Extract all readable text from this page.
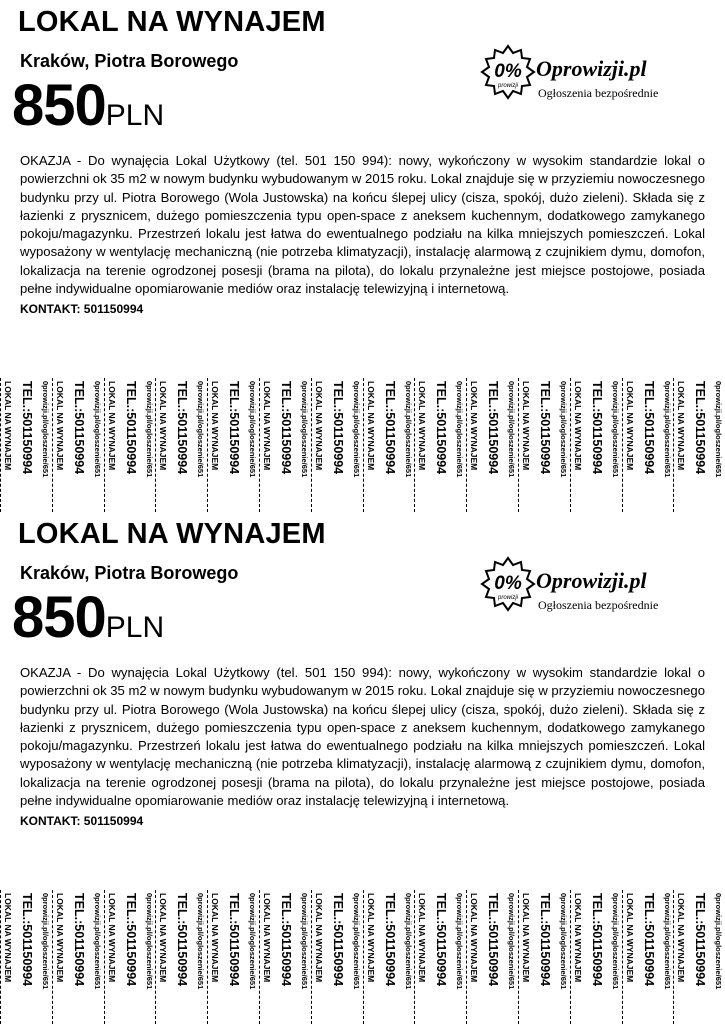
LOKAL NA WYNAJEM
Kraków, Piotra Borowego
850PLN
0%
prowizji
Oprowizji.pl
Ogłoszenia bezpośrednie

OKAZJA - Do wynajęcia Lokal Użytkowy (tel. 501 150 994): nowy, wykończony w wysokim standardzie lokal o powierzchni ok 35 m2 w nowym budynku wybudowanym w 2015 roku. Lokal znajduje się w przyziemiu nowoczesnego budynku przy ul. Piotra Borowego (Wola Justowska) na końcu ślepej ulicy (cisza, spokój, dużo zieleni). Składa się z łazienki z prysznicem, dużego pomieszczenia typu open-space z aneksem kuchennym, dodatkowego zamykanego pokoju/magazynku. Przestrzeń lokalu jest łatwa do ewentualnego podziału na kilka mniejszych pomieszczeń. Lokal wyposażony w wentylację mechaniczną (nie potrzeba klimatyzacji), instalację alarmową z czujnikiem dymu, domofon, lokalizacja na terenie ogrodzonej posesji (brama na pilota), do lokalu przynależne jest miejsce postojowe, posiada pełne indywidualne opomiarowanie mediów oraz instalację telewizyjną i internetową.

KONTAKT: 501150994
LOKAL NA WYNAJEM TEL.:501150994 0prowizji.pl/ogloszenie/651 LOKAL NA WYNAJEM TEL.:501150994 0prowizji.pl/ogloszenie/651 LOKAL NA WYNAJEM TEL.:501150994 0prowizji.pl/ogloszenie/651 LOKAL NA WYNAJEM TEL.:501150994 0prowizji.pl/ogloszenie/651 LOKAL NA WYNAJEM TEL.:501150994 0prowizji.pl/ogloszenie/651 LOKAL NA WYNAJEM TEL.:501150994 0prowizji.pl/ogloszenie/651 LOKAL NA WYNAJEM TEL.:501150994 0prowizji.pl/ogloszenie/651 LOKAL NA WYNAJEM TEL.:501150994 0prowizji.pl/ogloszenie/651 LOKAL NA WYNAJEM TEL.:501150994 0prowizji.pl/ogloszenie/651 LOKAL NA WYNAJEM TEL.:501150994 0prowizji.pl/ogloszenie/651 LOKAL NA WYNAJEM TEL.:501150994 0prowizji.pl/ogloszenie/651 LOKAL NA WYNAJEM TEL.:501150994 0prowizji.pl/ogloszenie/651 LOKAL NA WYNAJEM TEL.:501150994 0prowizji.pl/ogloszenie/651 LOKAL NA WYNAJEM TEL.:501150994 0prowizji.pl/ogloszenie/651
LOKAL NA WYNAJEM
Kraków, Piotra Borowego
850PLN
0%
prowizji
Oprowizji.pl
Ogłoszenia bezpośrednie

OKAZJA - Do wynajęcia Lokal Użytkowy (tel. 501 150 994): nowy, wykończony w wysokim standardzie lokal o powierzchni ok 35 m2 w nowym budynku wybudowanym w 2015 roku. Lokal znajduje się w przyziemiu nowoczesnego budynku przy ul. Piotra Borowego (Wola Justowska) na końcu ślepej ulicy (cisza, spokój, dużo zieleni). Składa się z łazienki z prysznicem, dużego pomieszczenia typu open-space z aneksem kuchennym, dodatkowego zamykanego pokoju/magazynku. Przestrzeń lokalu jest łatwa do ewentualnego podziału na kilka mniejszych pomieszczeń. Lokal wyposażony w wentylację mechaniczną (nie potrzeba klimatyzacji), instalację alarmową z czujnikiem dymu, domofon, lokalizacja na terenie ogrodzonej posesji (brama na pilota), do lokalu przynależne jest miejsce postojowe, posiada pełne indywidualne opomiarowanie mediów oraz instalację telewizyjną i internetową.

KONTAKT: 501150994
LOKAL NA WYNAJEM TEL.:501150994 0prowizji.pl/ogloszenie/651 LOKAL NA WYNAJEM TEL.:501150994 0prowizji.pl/ogloszenie/651 LOKAL NA WYNAJEM TEL.:501150994 0prowizji.pl/ogloszenie/651 LOKAL NA WYNAJEM TEL.:501150994 0prowizji.pl/ogloszenie/651 LOKAL NA WYNAJEM TEL.:501150994 0prowizji.pl/ogloszenie/651 LOKAL NA WYNAJEM TEL.:501150994 0prowizji.pl/ogloszenie/651 LOKAL NA WYNAJEM TEL.:501150994 0prowizji.pl/ogloszenie/651 LOKAL NA WYNAJEM TEL.:501150994 0prowizji.pl/ogloszenie/651 LOKAL NA WYNAJEM TEL.:501150994 0prowizji.pl/ogloszenie/651 LOKAL NA WYNAJEM TEL.:501150994 0prowizji.pl/ogloszenie/651 LOKAL NA WYNAJEM TEL.:501150994 0prowizji.pl/ogloszenie/651 LOKAL NA WYNAJEM TEL.:501150994 0prowizji.pl/ogloszenie/651 LOKAL NA WYNAJEM TEL.:501150994 0prowizji.pl/ogloszenie/651 LOKAL NA WYNAJEM TEL.:501150994 0prowizji.pl/ogloszenie/651
